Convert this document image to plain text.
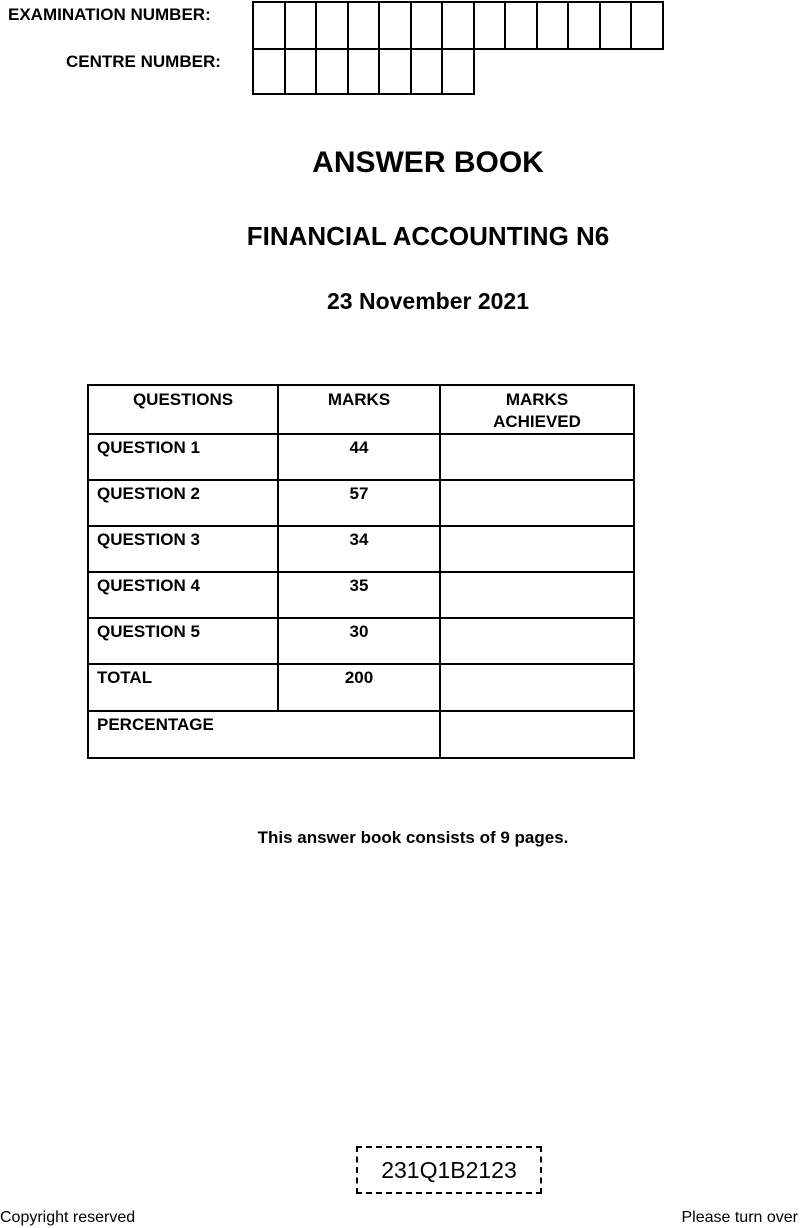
EXAMINATION NUMBER:
CENTRE NUMBER:
ANSWER BOOK
FINANCIAL ACCOUNTING N6
23 November 2021
QUESTIONS	MARKS	MARKS ACHIEVED
QUESTION 1	44	
QUESTION 2	57	
QUESTION 3	34	
QUESTION 4	35	
QUESTION 5	30	
TOTAL	200	
PERCENTAGE		
This answer book consists of 9 pages.
231Q1B2123
Copyright reserved	Please turn over
